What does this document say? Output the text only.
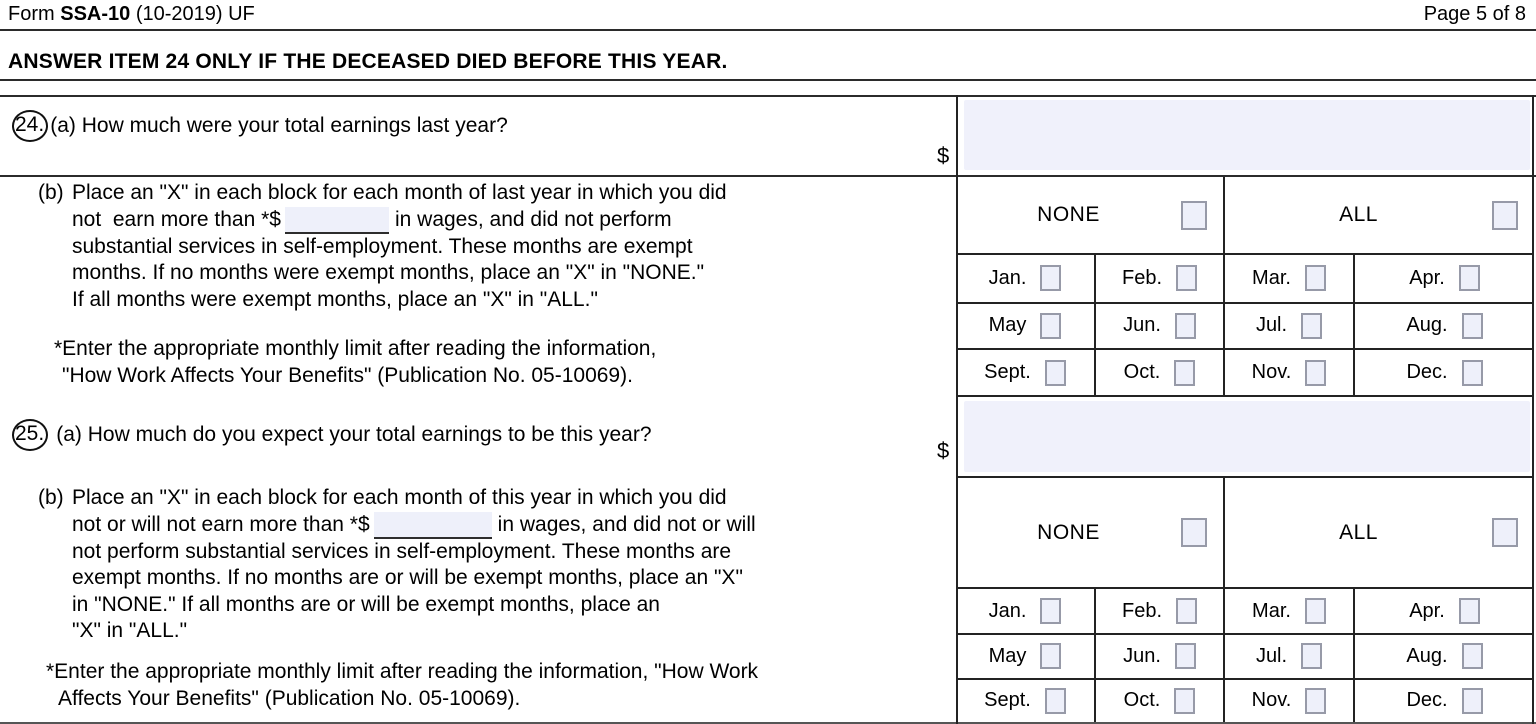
Form SSA-10 (10-2019) UF	Page 5 of 8
ANSWER ITEM 24 ONLY IF THE DECEASED DIED BEFORE THIS YEAR.
24. (a)
How much were your total earnings last year?
$
(b) Place an "X" in each block for each month of last year in which you did
not  earn more than *$	in wages, and did not perform
substantial services in self-employment. These months are exempt
months. If no months were exempt months, place an "X" in "NONE."
If all months were exempt months, place an "X" in "ALL."
*Enter the appropriate monthly limit after reading the information,
"How Work Affects Your Benefits" (Publication No. 05-10069).
NONE	ALL
Jan.	Feb.	Mar.	Apr.
May	Jun.	Jul.	Aug.
Sept.	Oct.	Nov.	Dec.
25. (a)
How much do you expect your total earnings to be this year?
$
(b) Place an "X" in each block for each month of this year in which you did
not or will not earn more than *$	in wages, and did not or will
not perform substantial services in self-employment. These months are
exempt months. If no months are or will be exempt months, place an "X"
in "NONE." If all months are or will be exempt months, place an
"X" in "ALL."
*Enter the appropriate monthly limit after reading the information, "How Work
Affects Your Benefits" (Publication No. 05-10069).
NONE	ALL
Jan.	Feb.	Mar.	Apr.
May	Jun.	Jul.	Aug.
Sept.	Oct.	Nov.	Dec.
